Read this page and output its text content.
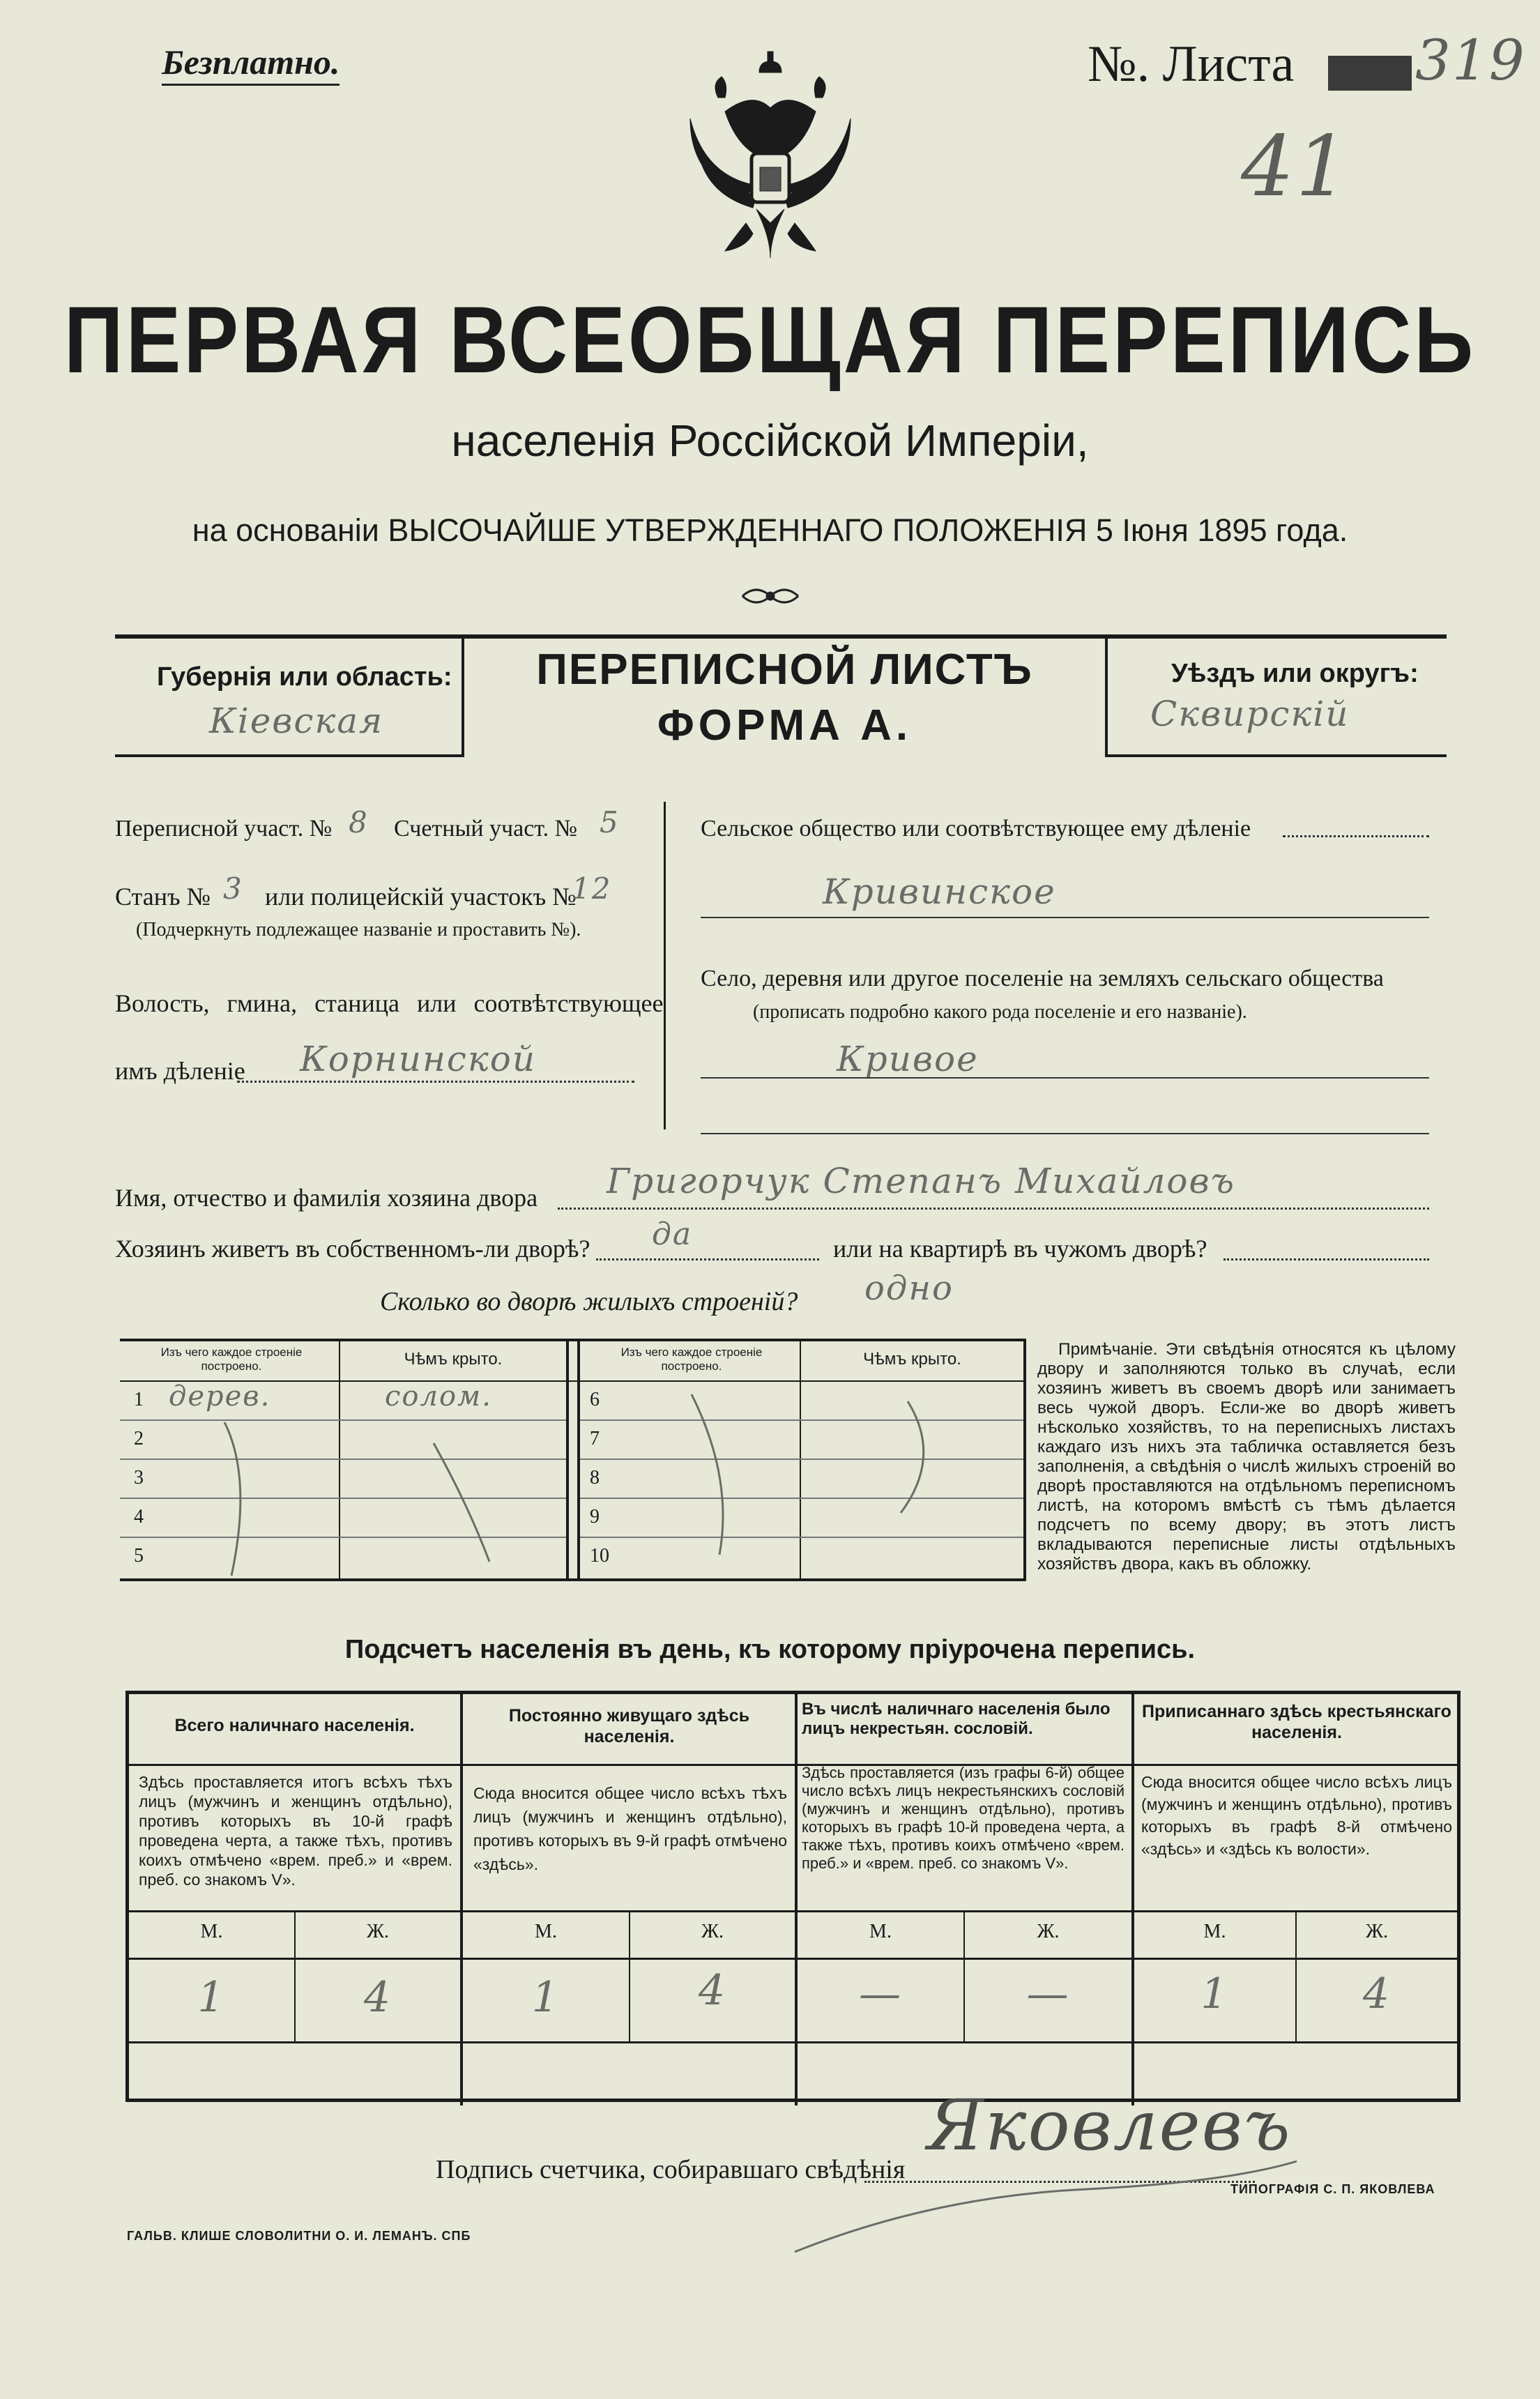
Безплатно.	№. Листа 319
41
ПЕРВАЯ ВСЕОБЩАЯ ПЕРЕПИСЬ
населенія Россійской Имперіи,
на основаніи ВЫСОЧАЙШЕ УТВЕРЖДЕННАГО ПОЛОЖЕНІЯ 5 Іюня 1895 года.
Губернія или область:
Кіевская
ПЕРЕПИСНОЙ ЛИСТЪ
ФОРМА А.
Уѣздъ или округъ:
Сквирскій
Переписной участ. № 8 Счетный участ. № 5
Станъ № 3 или полицейскій участокъ №
12
(Подчеркнуть подлежащее названіе и проставить №).
Волость, гмина, станица или соотвѣтствующее
имъ дѣленіе Корнинской
Сельское общество или соотвѣтствующее ему дѣленіе
Кривинское
Село, деревня или другое поселеніе на земляхъ сельскаго общества
(прописать подробно какого рода поселеніе и его названіе).
Кривое
Имя, отчество и фамилія хозяина двора Григорчук Степанъ Михайловъ
Хозяинъ живетъ въ собственномъ-ли дворѣ? да	или на квартирѣ въ чужомъ дворѣ?
Сколько во дворѣ жилыхъ строеній? одно
Изъ чего каждое строеніе построено.	Чѣмъ крыто.	Изъ чего каждое строеніе построено.	Чѣмъ крыто.
1 дерев.	солом.
2
3
4
5
6
7
8
9
10
Примѣчаніе. Эти свѣдѣнія относятся къ цѣлому двору и заполняются только въ случаѣ, если хозяинъ живетъ въ своемъ дворѣ или занимаетъ весь чужой дворъ. Если-же во дворѣ живетъ нѣсколько хозяйствъ, то на переписныхъ листахъ каждаго изъ нихъ эта табличка оставляется безъ заполненія, а свѣдѣнія о числѣ жилыхъ строеній во дворѣ проставляются на отдѣльномъ переписномъ листѣ, на которомъ вмѣстѣ съ тѣмъ дѣлается подсчетъ по всему двору; въ этотъ листъ вкладываются переписные листы отдѣльныхъ хозяйствъ двора, какъ въ обложку.
Подсчетъ населенія въ день, къ которому пріурочена перепись.
Всего наличнаго населенія.
Здѣсь проставляется итогъ всѣхъ тѣхъ лицъ (мужчинъ и женщинъ отдѣльно), противъ которыхъ въ 10-й графѣ проведена черта, а также тѣхъ, противъ коихъ отмѣчено «врем. преб.» и «врем. преб. со знакомъ V».
М.	Ж.
1	4
Постоянно живущаго здѣсь населенія.
Сюда вносится общее число всѣхъ тѣхъ лицъ (мужчинъ и женщинъ отдѣльно), противъ которыхъ въ 9-й графѣ отмѣчено «здѣсь».
М.	Ж.
1	4
Въ числѣ наличнаго населенія было лицъ некрестьян. сословій.
Здѣсь проставляется (изъ графы 6-й) общее число всѣхъ лицъ некрестьянскихъ сословій (мужчинъ и женщинъ отдѣльно), противъ которыхъ въ графѣ 10-й проведена черта, а также тѣхъ, противъ коихъ отмѣчено «врем. преб.» и «врем. преб. со знакомъ V».
М.	Ж.
—	—
Приписаннаго здѣсь крестьянскаго населенія.
Сюда вносится общее число всѣхъ лицъ (мужчинъ и женщинъ отдѣльно), противъ которыхъ въ графѣ 8-й отмѣчено «здѣсь» и «здѣсь къ волости».
М.	Ж.
1	4
Подпись счетчика, собиравшаго свѣдѣнія
Яковлевъ
ГАЛЬВ. КЛИШЕ СЛОВОЛИТНИ О. И. ЛЕМАНЪ. СПБ
ТИПОГРАФІЯ С. П. ЯКОВЛЕВА
